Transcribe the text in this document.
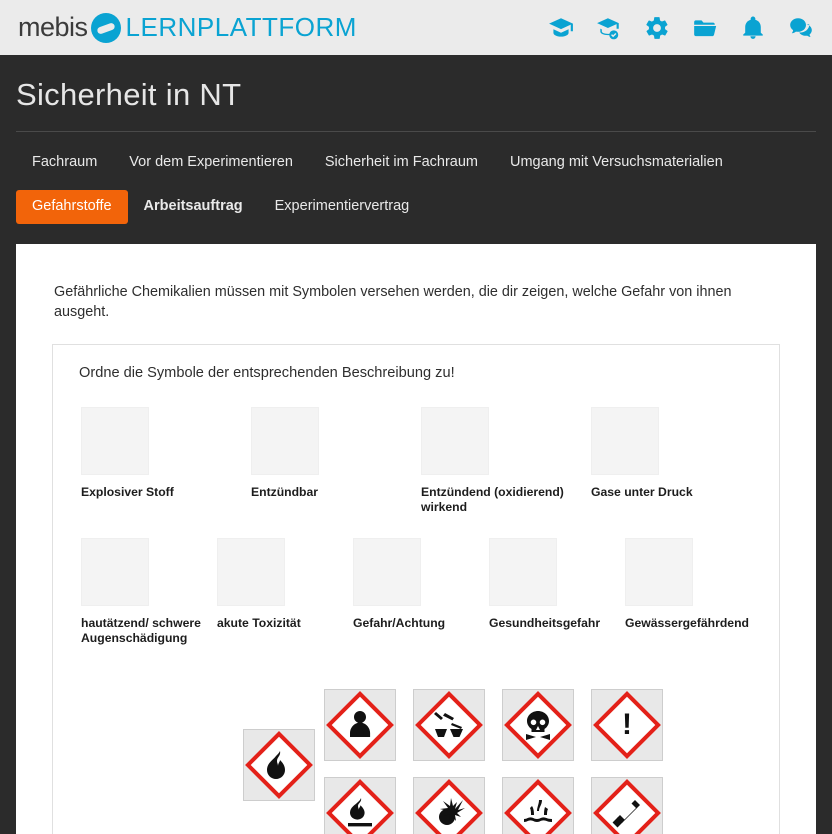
mebis LERNPLATTFORM
Sicherheit in NT
Fachraum	Vor dem Experimentieren	Sicherheit im Fachraum	Umgang mit Versuchsmaterialien
Gefahrstoffe	Arbeitsauftrag	Experimentiervertrag

Gefährliche Chemikalien müssen mit Symbolen versehen werden, die dir zeigen, welche Gefahr von ihnen ausgeht.

Ordne die Symbole der entsprechenden Beschreibung zu!
Explosiver Stoff	Entzündbar	Entzündend (oxidierend) wirkend
Gase unter Druck
hautätzend/ schwere Augenschädigung
akute Toxizität	Gefahr/Achtung	Gesundheitsgefahr	Gewässergefährdend
!
